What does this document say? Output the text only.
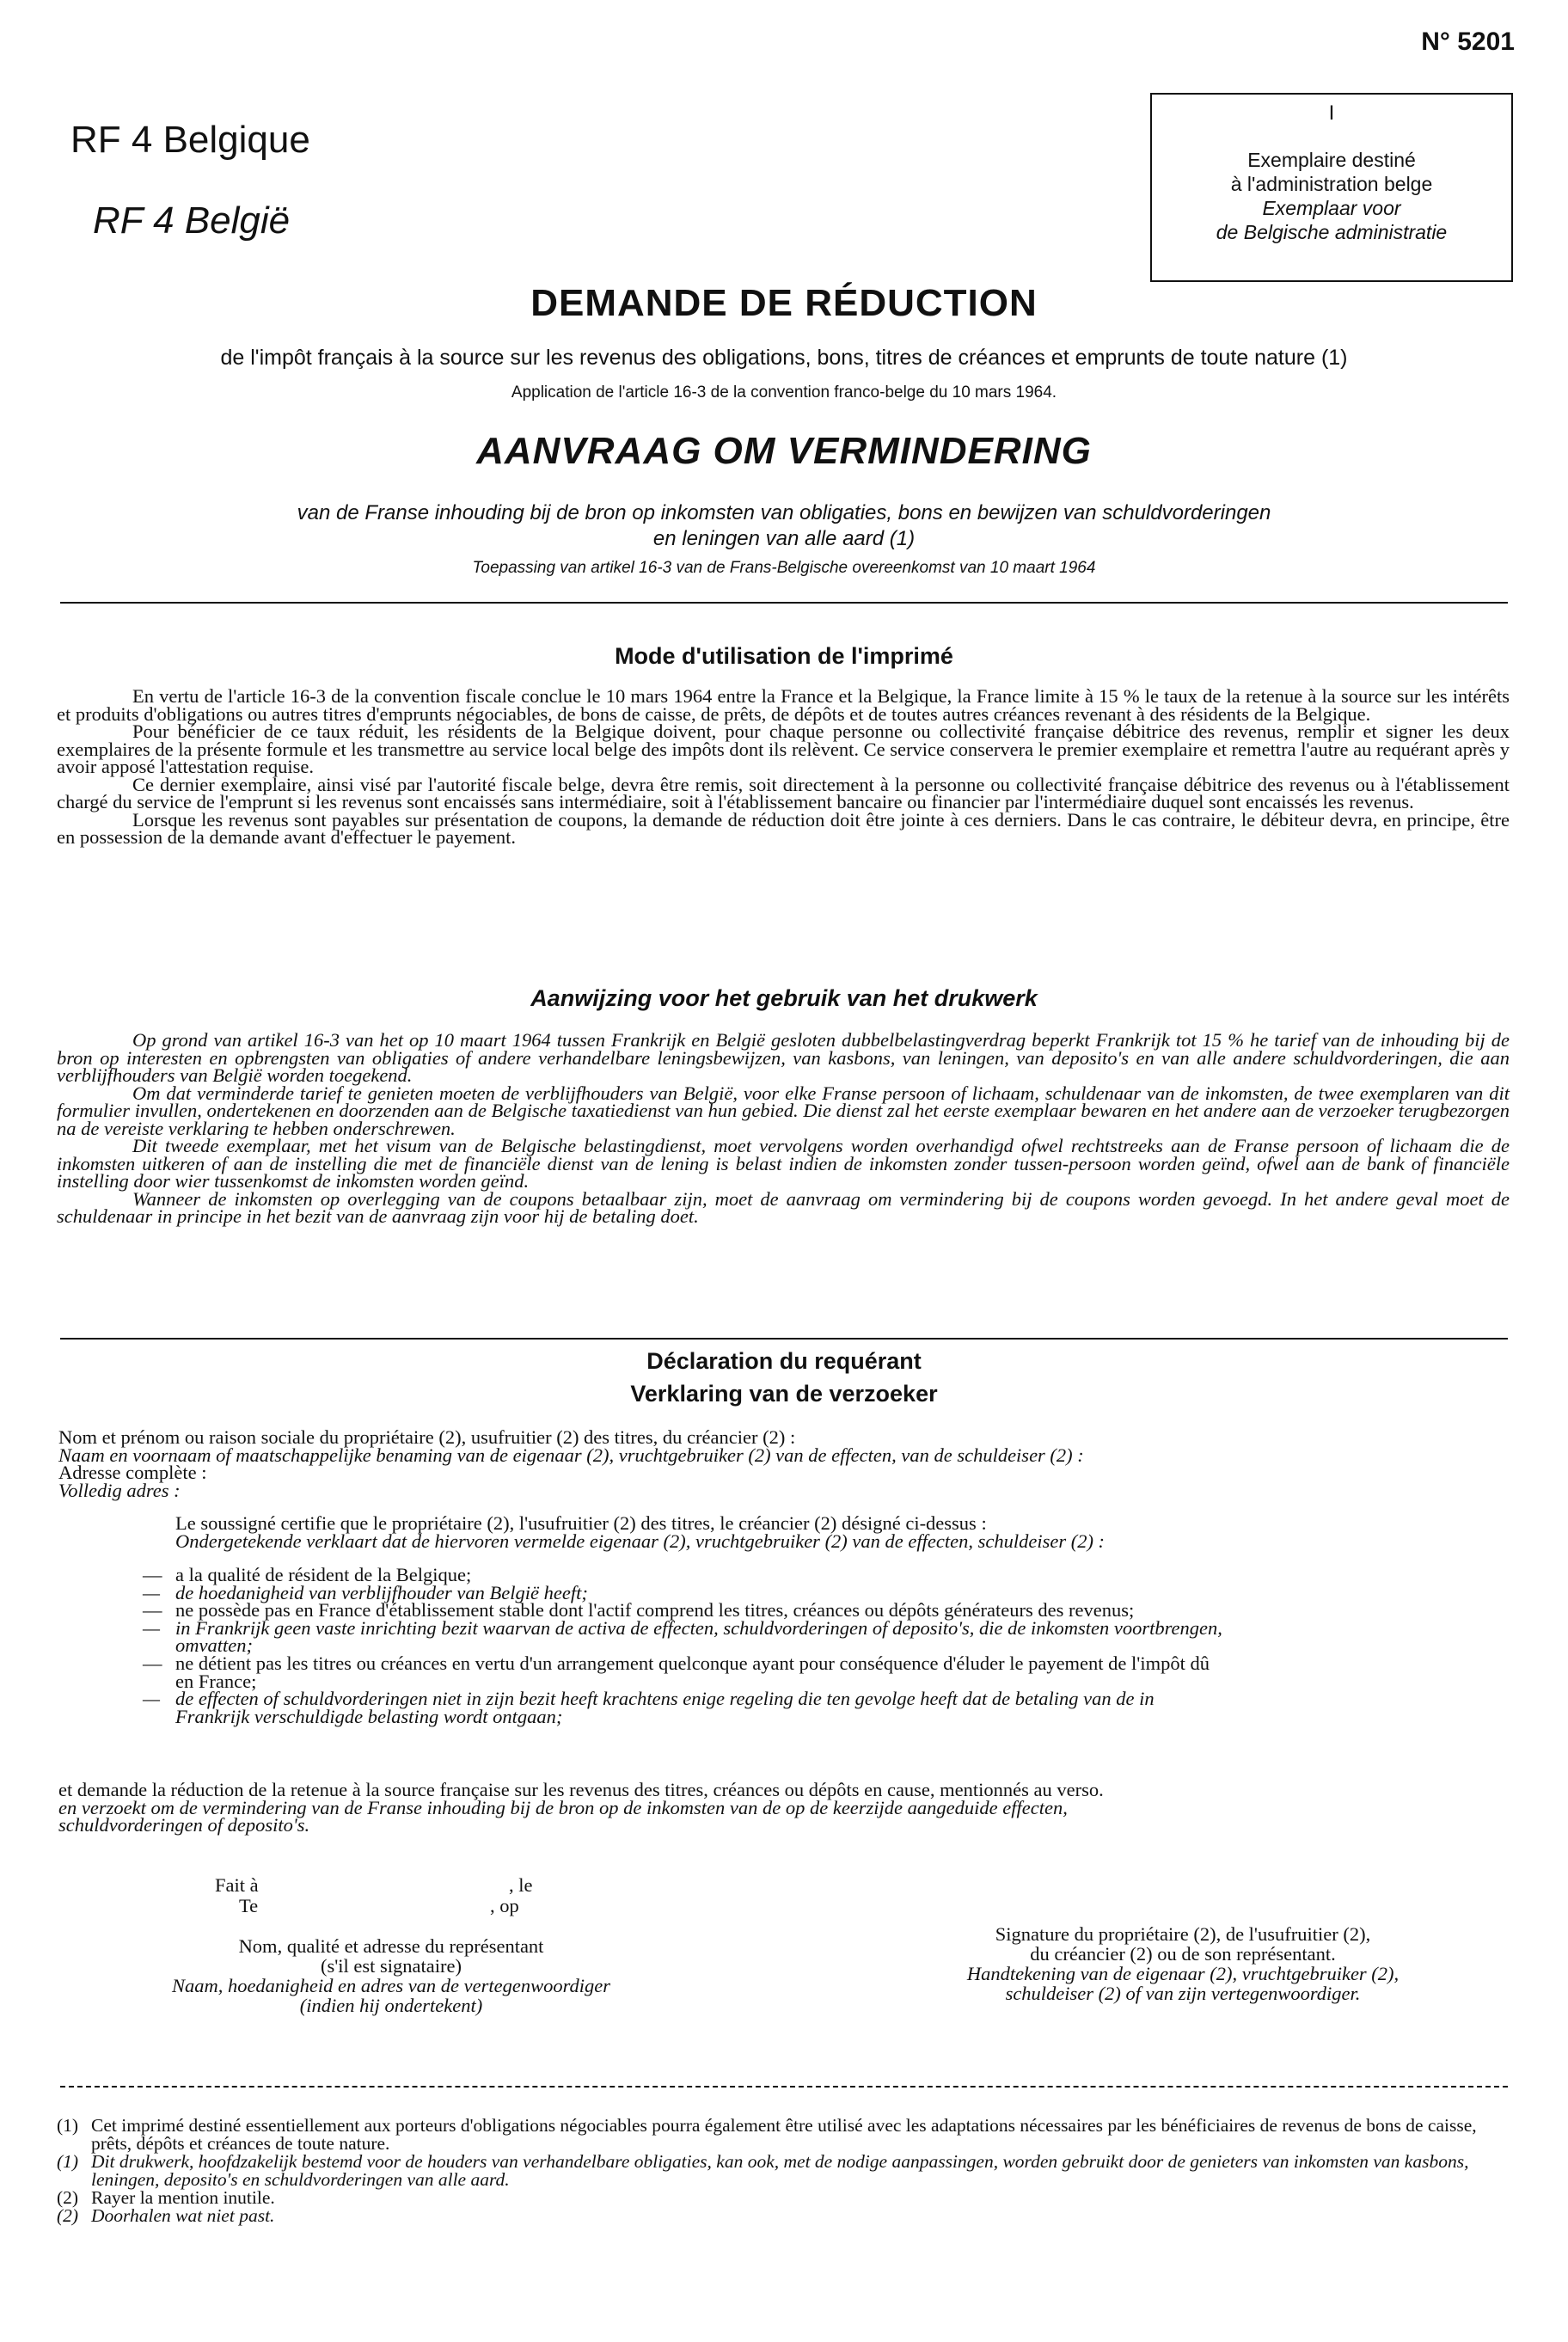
N° 5201
RF 4 Belgique
RF 4 België
I
Exemplaire destiné
à l'administration belge
Exemplaar voor
de Belgische administratie
DEMANDE DE RÉDUCTION
de l'impôt français à la source sur les revenus des obligations, bons, titres de créances et emprunts de toute nature (1)
Application de l'article 16-3 de la convention franco-belge du 10 mars 1964.
AANVRAAG OM VERMINDERING
van de Franse inhouding bij de bron op inkomsten van obligaties, bons en bewijzen van schuldvorderingen
en leningen van alle aard (1)
Toepassing van artikel 16-3 van de Frans-Belgische overeenkomst van 10 maart 1964
Mode d'utilisation de l'imprimé

En vertu de l'article 16-3 de la convention fiscale conclue le 10 mars 1964 entre la France et la Belgique, la France limite à 15 % le taux de la retenue à la source sur les intérêts et produits d'obligations ou autres titres d'emprunts négociables, de bons de caisse, de prêts, de dépôts et de toutes autres créances revenant à des résidents de la Belgique.

Pour bénéficier de ce taux réduit, les résidents de la Belgique doivent, pour chaque personne ou collectivité française débitrice des revenus, remplir et signer les deux exemplaires de la présente formule et les transmettre au service local belge des impôts dont ils relèvent. Ce service conservera le premier exemplaire et remettra l'autre au requérant après y avoir apposé l'attestation requise.

Ce dernier exemplaire, ainsi visé par l'autorité fiscale belge, devra être remis, soit directement à la personne ou collectivité française débitrice des revenus ou à l'établissement chargé du service de l'emprunt si les revenus sont encaissés sans intermédiaire, soit à l'établissement bancaire ou financier par l'intermédiaire duquel sont encaissés les revenus.

Lorsque les revenus sont payables sur présentation de coupons, la demande de réduction doit être jointe à ces derniers. Dans le cas contraire, le débiteur devra, en principe, être en possession de la demande avant d'effectuer le payement.

Aanwijzing voor het gebruik van het drukwerk

Op grond van artikel 16-3 van het op 10 maart 1964 tussen Frankrijk en België gesloten dubbelbelastingverdrag beperkt Frankrijk tot 15 % he tarief van de inhouding bij de bron op interesten en opbrengsten van obligaties of andere verhandelbare leningsbewijzen, van kasbons, van leningen, van deposito's en van alle andere schuldvorderingen, die aan verblijfhouders van België worden toegekend.

Om dat verminderde tarief te genieten moeten de verblijfhouders van België, voor elke Franse persoon of lichaam, schuldenaar van de inkomsten, de twee exemplaren van dit formulier invullen, ondertekenen en doorzenden aan de Belgische taxatiedienst van hun gebied. Die dienst zal het eerste exemplaar bewaren en het andere aan de verzoeker terugbezorgen na de vereiste verklaring te hebben onderschrewen.

Dit tweede exemplaar, met het visum van de Belgische belastingdienst, moet vervolgens worden overhandigd ofwel rechtstreeks aan de Franse persoon of lichaam die de inkomsten uitkeren of aan de instelling die met de financiële dienst van de lening is belast indien de inkomsten zonder tussen-persoon worden geïnd, ofwel aan de bank of financiële instelling door wier tussenkomst de inkomsten worden geïnd.

Wanneer de inkomsten op overlegging van de coupons betaalbaar zijn, moet de aanvraag om vermindering bij de coupons worden gevoegd. In het andere geval moet de schuldenaar in principe in het bezit van de aanvraag zijn voor hij de betaling doet.

Déclaration du requérant
Verklaring van de verzoeker
Nom et prénom ou raison sociale du propriétaire (2), usufruitier (2) des titres, du créancier (2) :
Naam en voornaam of maatschappelijke benaming van de eigenaar (2), vruchtgebruiker (2) van de effecten, van de schuldeiser (2) :
Adresse complète :
Volledig adres :
Le soussigné certifie que le propriétaire (2), l'usufruitier (2) des titres, le créancier (2) désigné ci-dessus :
Ondergetekende verklaart dat de hiervoren vermelde eigenaar (2), vruchtgebruiker (2) van de effecten, schuldeiser (2) :
— a la qualité de résident de la Belgique;
— de hoedanigheid van verblijfhouder van België heeft;
— ne possède pas en France d'établissement stable dont l'actif comprend les titres, créances ou dépôts générateurs des revenus;
— in Frankrijk geen vaste inrichting bezit waarvan de activa de effecten, schuldvorderingen of deposito's, die de inkomsten voortbrengen,
omvatten;
— ne détient pas les titres ou créances en vertu d'un arrangement quelconque ayant pour conséquence d'éluder le payement de l'impôt dû
en France;
— de effecten of schuldvorderingen niet in zijn bezit heeft krachtens enige regeling die ten gevolge heeft dat de betaling van de in
Frankrijk verschuldigde belasting wordt ontgaan;
et demande la réduction de la retenue à la source française sur les revenus des titres, créances ou dépôts en cause, mentionnés au verso.
en verzoekt om de vermindering van de Franse inhouding bij de bron op de inkomsten van de op de keerzijde aangeduide effecten,
schuldvorderingen of deposito's.
Fait à
Te
, le
, op
Nom, qualité et adresse du représentant
(s'il est signataire)
Naam, hoedanigheid en adres van de vertegenwoordiger
(indien hij ondertekent)
Signature du propriétaire (2), de l'usufruitier (2),
du créancier (2) ou de son représentant.
Handtekening van de eigenaar (2), vruchtgebruiker (2),
schuldeiser (2) of van zijn vertegenwoordiger.
(1) Cet imprimé destiné essentiellement aux porteurs d'obligations négociables pourra également être utilisé avec les adaptations nécessaires par les bénéficiaires de revenus de bons de caisse, prêts, dépôts et créances de toute nature.
(1) Dit drukwerk, hoofdzakelijk bestemd voor de houders van verhandelbare obligaties, kan ook, met de nodige aanpassingen, worden gebruikt door de genieters van inkomsten van kasbons, leningen, deposito's en schuldvorderingen van alle aard.
(2) Rayer la mention inutile.
(2) Doorhalen wat niet past.
